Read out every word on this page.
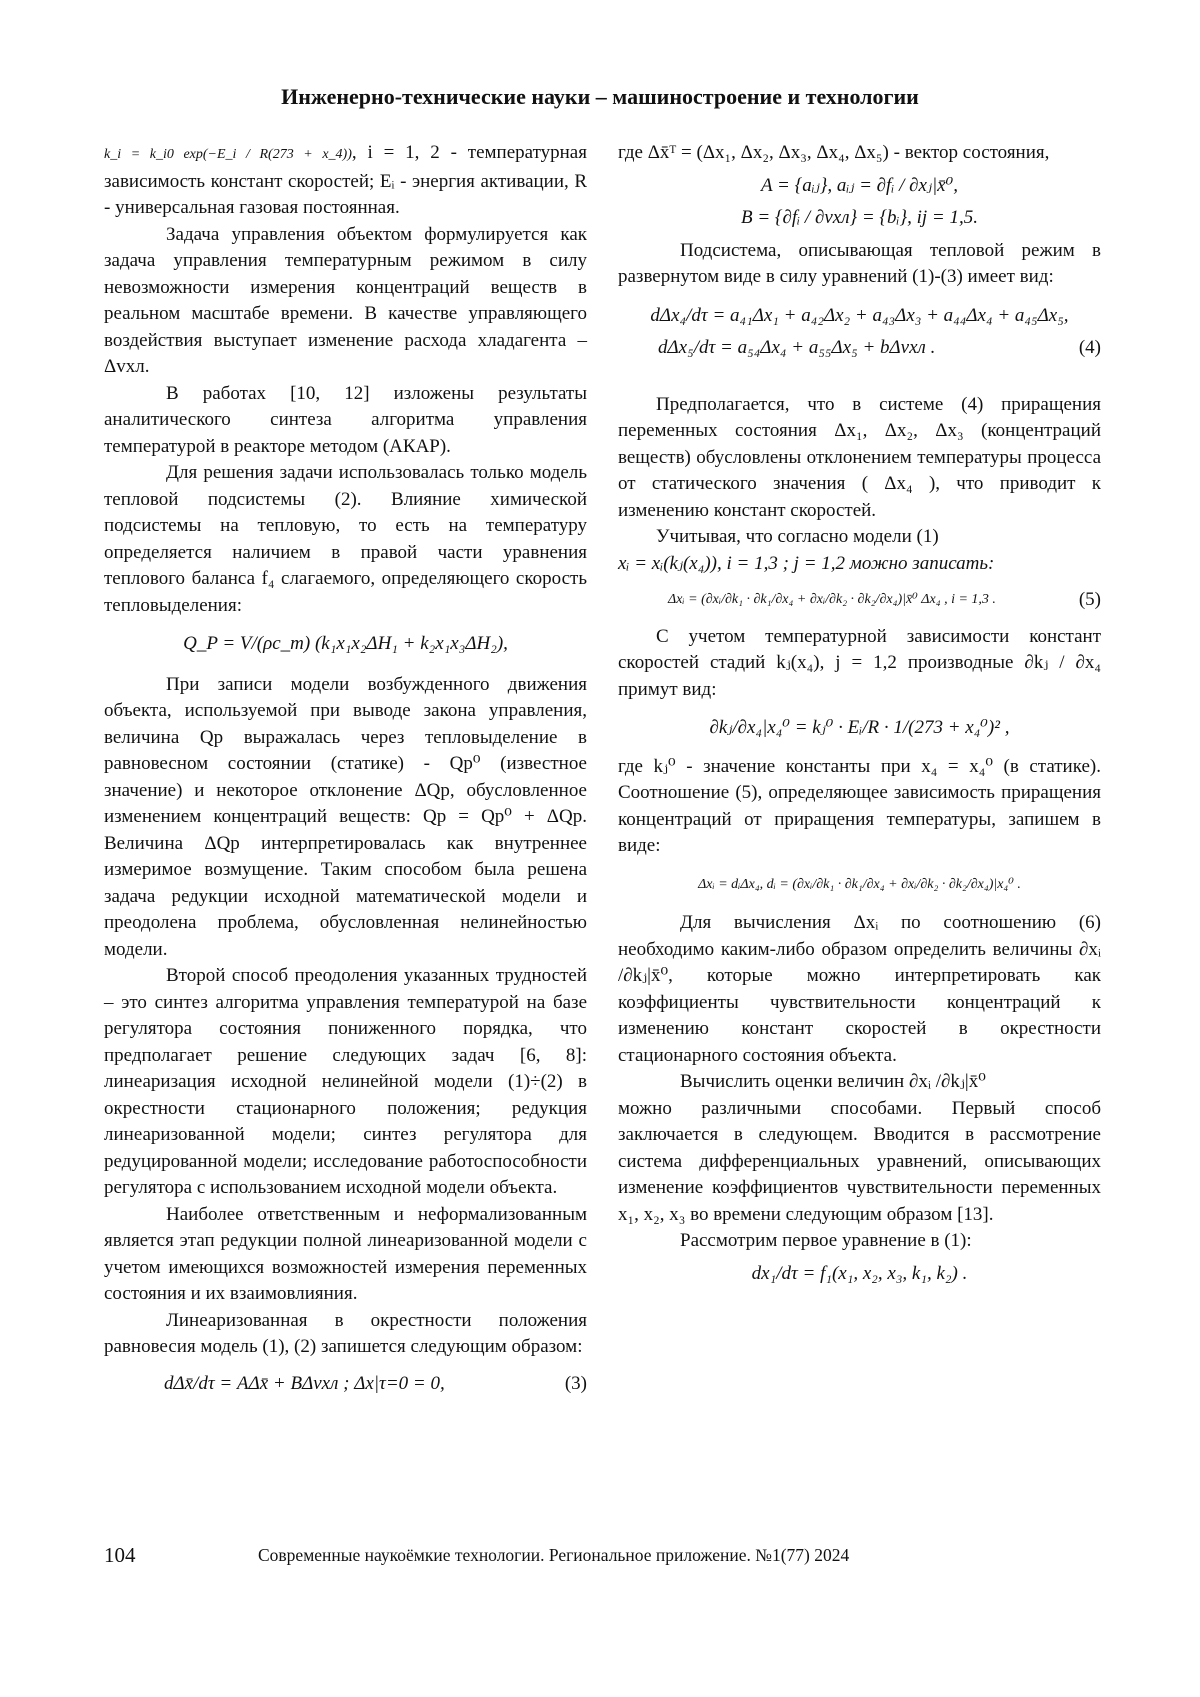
Инженерно-технические науки – машиностроение и технологии

k_i = k_i0 exp(−E_i / R(273 + x_4)), i = 1, 2 - температурная зависимость констант скоростей; Eᵢ - энергия активации, R - универсальная газовая постоянная.

Задача управления объектом формулируется как задача управления температурным режимом в силу невозможности измерения концентраций веществ в реальном масштабе времени. В качестве управляющего воздействия выступает изменение расхода хладагента – Δvхл.

В работах [10, 12] изложены результаты аналитического синтеза алгоритма управления температурой в реакторе методом (АКАР).

Для решения задачи использовалась только модель тепловой подсистемы (2). Влияние химической подсистемы на тепловую, то есть на температуру определяется наличием в правой части уравнения теплового баланса f₄ слагаемого, определяющего скорость тепловыделения:

Q_P = V/(ρc_т) (k₁x₁x₂ΔH₁ + k₂x₁x₃ΔH₂),

При записи модели возбужденного движения объекта, используемой при выводе закона управления, величина Qр выражалась через тепловыделение в равновесном состоянии (статике) - Qр⁰ (известное значение) и некоторое отклонение ΔQр, обусловленное изменением концентраций веществ: Qр = Qр⁰ + ΔQр. Величина ΔQр интерпретировалась как внутреннее измеримое возмущение. Таким способом была решена задача редукции исходной математической модели и преодолена проблема, обусловленная нелинейностью модели.

Второй способ преодоления указанных трудностей – это синтез алгоритма управления температурой на базе регулятора состояния пониженного порядка, что предполагает решение следующих задач [6, 8]: линеаризация исходной нелинейной модели (1)÷(2) в окрестности стационарного положения; редукция линеаризованной модели; синтез регулятора для редуцированной модели; исследование работоспособности регулятора с использованием исходной модели объекта.

Наиболее ответственным и неформализованным является этап редукции полной линеаризованной модели с учетом имеющихся возможностей измерения переменных состояния и их взаимовлияния.

Линеаризованная в окрестности положения равновесия модель (1), (2) запишется следующим образом:

dΔx̄/dτ = AΔx̄ + BΔvхл ; Δx|τ=0 = 0,	(3)

где Δx̄ᵀ = (Δx₁, Δx₂, Δx₃, Δx₄, Δx₅) - вектор состояния,

A = {aᵢⱼ}, aᵢⱼ = ∂fᵢ / ∂xⱼ|x̄⁰,
B = {∂fᵢ / ∂vхл} = {bᵢ}, ij = 1,5.

Подсистема, описывающая тепловой режим в развернутом виде в силу уравнений (1)-(3) имеет вид:

dΔx₄/dτ = a₄₁Δx₁ + a₄₂Δx₂ + a₄₃Δx₃ + a₄₄Δx₄ + a₄₅Δx₅,
dΔx₅/dτ = a₅₄Δx₄ + a₅₅Δx₅ + bΔvхл .	(4)

Предполагается, что в системе (4) приращения переменных состояния Δx₁, Δx₂, Δx₃ (концентраций веществ) обусловлены отклонением температуры процесса от статического значения ( Δx₄ ), что приводит к изменению констант скоростей.

Учитывая, что согласно модели (1)

xᵢ = xᵢ(kⱼ(x₄)), i = 1,3 ; j = 1,2 можно записать:

Δxᵢ = (∂xᵢ/∂k₁ · ∂k₁/∂x₄ + ∂xᵢ/∂k₂ · ∂k₂/∂x₄)|x̄⁰ Δx₄ , i = 1,3 .	(5)

С учетом температурной зависимости констант скоростей стадий kⱼ(x₄), j = 1,2 производные ∂kⱼ / ∂x₄ примут вид:

∂kⱼ/∂x₄|x₄⁰ = kⱼ⁰ · Eᵢ/R · 1/(273 + x₄⁰)² ,

где kⱼ⁰ - значение константы при x₄ = x₄⁰ (в статике). Соотношение (5), определяющее зависимость приращения концентраций от приращения температуры, запишем в виде:

Δxᵢ = dᵢΔx₄, dᵢ = (∂xᵢ/∂k₁ · ∂k₁/∂x₄ + ∂xᵢ/∂k₂ · ∂k₂/∂x₄)|x₄⁰ .

Для вычисления Δxᵢ по соотношению (6) необходимо каким-либо образом определить величины ∂xᵢ /∂kⱼ|x̄⁰, которые можно интерпретировать как коэффициенты чувствительности концентраций к изменению констант скоростей в окрестности стационарного состояния объекта.

Вычислить оценки величин ∂xᵢ /∂kⱼ|x̄⁰

можно различными способами. Первый способ заключается в следующем. Вводится в рассмотрение система дифференциальных уравнений, описывающих изменение коэффициентов чувствительности переменных x₁, x₂, x₃ во времени следующим образом [13].

Рассмотрим первое уравнение в (1):

dx₁/dτ = f₁(x₁, x₂, x₃, k₁, k₂) .
104	Современные наукоёмкие технологии. Региональное приложение. №1(77) 2024
